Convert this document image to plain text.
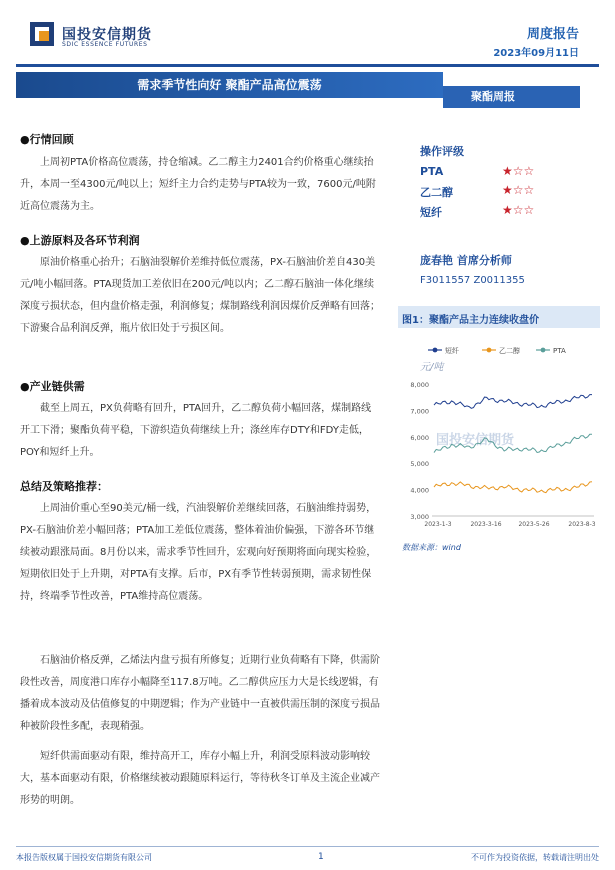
国投安信期货
SDIC ESSENCE FUTURES
周度报告
2023年09月11日
需求季节性向好 聚酯产品高位震荡
聚酯周报
●行情回顾
上周初PTA价格高位震荡，持仓缩减。乙二醇主力2401合约价格重心继续抬升，本周一至4300元/吨以上；短纤主力合约走势与PTA较为一致，7600元/吨附近高位震荡为主。
●上游原料及各环节利润
原油价格重心抬升；石脑油裂解价差维持低位震荡，PX-石脑油价差自430美元/吨小幅回落。PTA现货加工差依旧在200元/吨以内；乙二醇石脑油一体化继续深度亏损状态，但内盘价格走强，利润修复；煤制路线利润因煤价反弹略有回落；下游聚合品利润反弹，瓶片依旧处于亏损区间。
●产业链供需
截至上周五，PX负荷略有回升，PTA回升，乙二醇负荷小幅回落，煤制路线开工下滑；聚酯负荷平稳，下游织造负荷继续上升；涤丝库存DTY和FDY走低，POY和短纤上升。
总结及策略推荐：
上周油价重心至90美元/桶一线，汽油裂解价差继续回落，石脑油维持弱势，PX-石脑油价差小幅回落；PTA加工差低位震荡，整体着油价偏强，下游各环节继续被动跟涨局面。8月份以来，需求季节性回升，宏观向好预期将面向现实检验，短期依旧处于上升期，对PTA有支撑。后市，PX有季节性转弱预期，需求韧性保持，终端季节性改善，PTA维持高位震荡。
石脑油价格反弹，乙烯法内盘亏损有所修复；近期行业负荷略有下降，供需阶段性改善，周度港口库存小幅降至117.8万吨。乙二醇供应压力大是长线逻辑，有播着成本波动及估值修复的中期逻辑；作为产业链中一直被供需压制的深度亏损品种被阶段性多配，表现稍强。
短纤供需面驱动有限，维持高开工，库存小幅上升，利润受原料波动影响较大，基本面驱动有限，价格继续被动跟随原料运行，等待秋冬订单及主流企业减产形势的明朗。
操作评级
PTA	★☆☆
乙二醇	★☆☆
短纤	★☆☆
庞春艳 首席分析师
F3011557 Z0011355
图1：聚酯产品主力连续收盘价
短纤	乙二醇	PTA
元/吨
国投安信期货
3,000
4,000
5,000
6,000
7,000
8,000
2023-1-3	2023-3-16	2023-5-26	2023-8-3
数据来源：wind
本报告版权属于国投安信期货有限公司	1	不可作为投资依据，转载请注明出处
